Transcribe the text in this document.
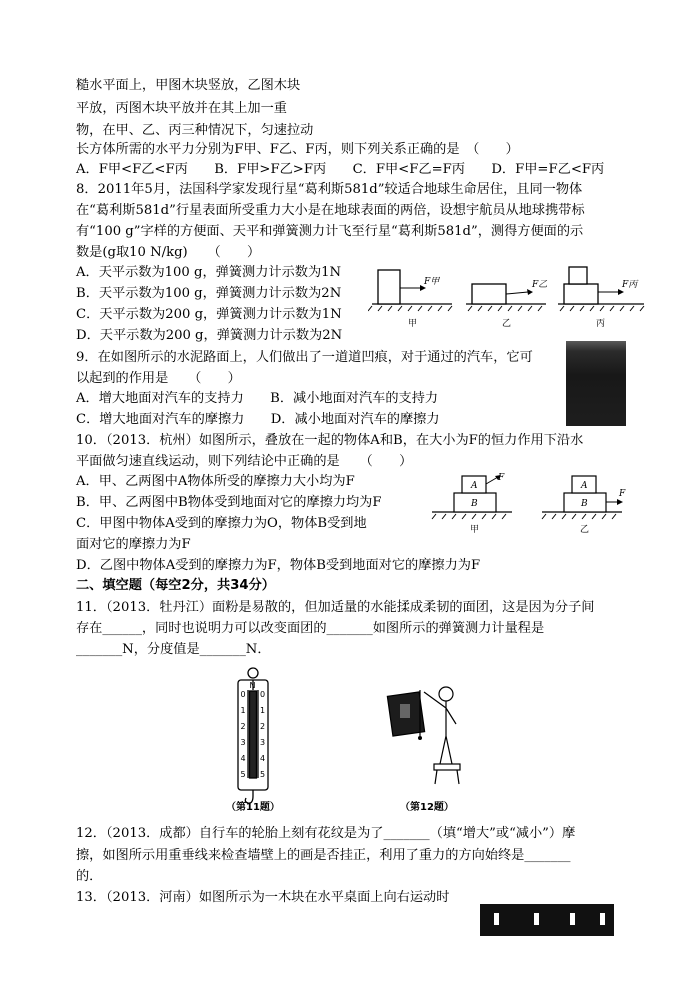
糙水平面上，甲图木块竖放，乙图木块
平放，丙图木块平放并在其上加一重
物，在甲、乙、丙三种情况下，匀速拉动
长方体所需的水平力分别为F甲、F乙、F丙，则下列关系正确的是　（　　）
A．F甲<F乙<F丙　　B．F甲>F乙>F丙　　C．F甲<F乙=F丙　　D．F甲=F乙<F丙
8．2011年5月，法国科学家发现行星“葛利斯581d”较适合地球生命居住，且同一物体
在“葛利斯581d”行星表面所受重力大小是在地球表面的两倍，设想宇航员从地球携带标
有“100 g”字样的方便面、天平和弹簧测力计飞至行星“葛利斯581d”，测得方便面的示
数是(g取10 N/kg)　　（　　）
A．天平示数为100 g，弹簧测力计示数为1N
B．天平示数为100 g，弹簧测力计示数为2N
C．天平示数为200 g，弹簧测力计示数为1N
D．天平示数为200 g，弹簧测力计示数为2N
9．在如图所示的水泥路面上，人们做出了一道道凹痕，对于通过的汽车，它可
以起到的作用是　　（　　）
A．增大地面对汽车的支持力　　B．减小地面对汽车的支持力
C．增大地面对汽车的摩擦力　　D．减小地面对汽车的摩擦力
10．（2013．杭州）如图所示，叠放在一起的物体A和B，在大小为F的恒力作用下沿水
平面做匀速直线运动，则下列结论中正确的是　　（　　）
A．甲、乙两图中A物体所受的摩擦力大小均为F
B．甲、乙两图中B物体受到地面对它的摩擦力均为F
C．甲图中物体A受到的摩擦力为O，物体B受到地
面对它的摩擦力为F
D．乙图中物体A受到的摩擦力为F，物体B受到地面对它的摩擦力为F
二、填空题（每空2分，共34分）
11．（2013．牡丹江）面粉是易散的，但加适量的水能揉成柔韧的面团，这是因为分子间
存在______，同时也说明力可以改变面团的_______如图所示的弹簧测力计量程是
_______N，分度值是_______N．
12．（2013．成都）自行车的轮胎上刻有花纹是为了_______（填“增大”或“减小”）摩
擦，如图所示用重垂线来检查墙壁上的画是否挂正，利用了重力的方向始终是_______
的．
13．（2013．河南）如图所示为一木块在水平桌面上向右运动时
F甲	F乙	F丙
甲	乙	丙
A
B
A
B
F
F
甲	乙
N
0
1
2
3
4
5
0
1
2
3
4
5
（第11题）	（第12题）
